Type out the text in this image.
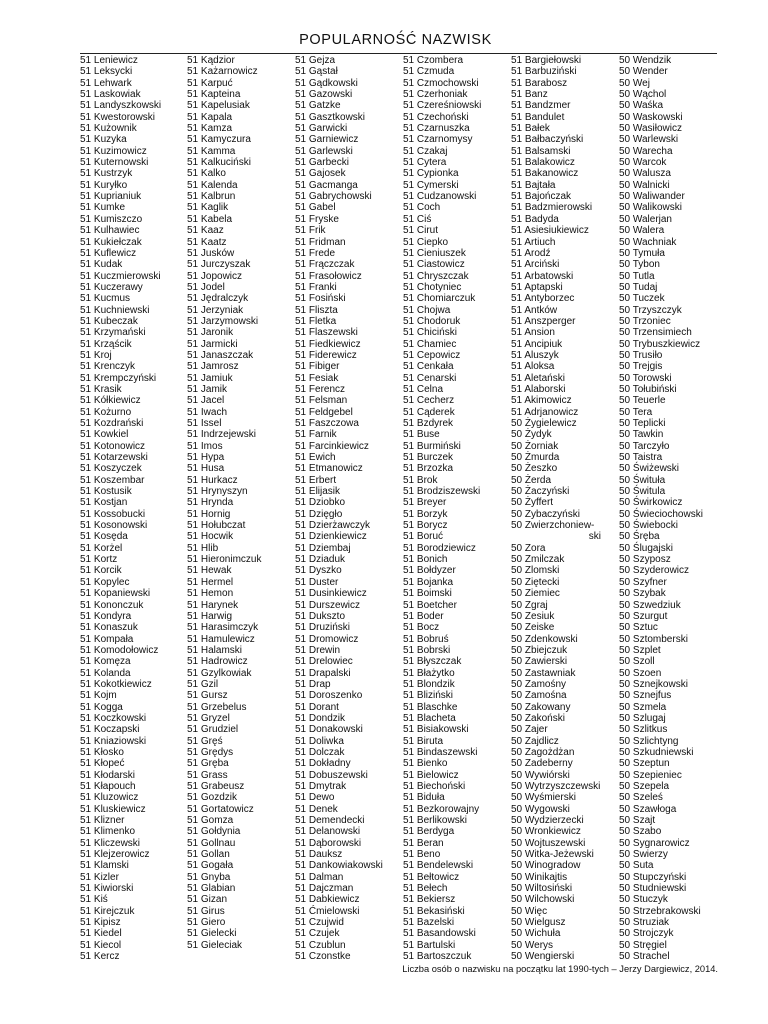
POPULARNOŚĆ NAZWISK
51 Leniewicz
51 Leksycki
51 Lehwark
51 Laskowiak
51 Landyszkowski
51 Kwestorowski
51 Kużownik
51 Kuzyka
51 Kuzimowicz
51 Kuternowski
51 Kustrzyk
51 Kuryłko
51 Kuprianiuk
51 Kumke
51 Kumiszczo
51 Kulhawiec
51 Kukiełczak
51 Kuflewicz
51 Kudak
51 Kuczmierowski
51 Kuczerawy
51 Kucmus
51 Kuchniewski
51 Kubeczak
51 Krzymański
51 Krząścik
51 Kroj
51 Krenczyk
51 Krempczyński
51 Krasik
51 Kółkiewicz
51 Kożurno
51 Kozdrański
51 Kowkiel
51 Kotonowicz
51 Kotarzewski
51 Koszyczek
51 Koszembar
51 Kostusik
51 Kostjan
51 Kossobucki
51 Kosonowski
51 Kosęda
51 Korżel
51 Kortz
51 Korcik
51 Kopylec
51 Kopaniewski
51 Kononczuk
51 Kondyra
51 Konaszuk
51 Kompała
51 Komodołowicz
51 Komęza
51 Kolanda
51 Kokotkiewicz
51 Kojm
51 Kogga
51 Koczkowski
51 Koczapski
51 Kniaziowski
51 Kłosko
51 Kłopeć
51 Kłodarski
51 Kłapouch
51 Kluzowicz
51 Kluskiewicz
51 Klizner
51 Klimenko
51 Kliczewski
51 Klejzerowicz
51 Klamski
51 Kizler
51 Kiwiorski
51 Kiś
51 Kirejczuk
51 Kipisz
51 Kiedel
51 Kiecol
51 Kercz
51 Kądzior
51 Każarnowicz
51 Karpuć
51 Kapteina
51 Kapelusiak
51 Kapala
51 Kamza
51 Kamyczura
51 Kamma
51 Kalkuciński
51 Kalko
51 Kalenda
51 Kalbrun
51 Kaglik
51 Kabela
51 Kaaz
51 Kaatz
51 Jusków
51 Jurczyszak
51 Jopowicz
51 Jodel
51 Jędralczyk
51 Jerzyniak
51 Jarzymowski
51 Jaronik
51 Jarmicki
51 Janaszczak
51 Jamrosz
51 Jamiuk
51 Jamik
51 Jacel
51 Iwach
51 Issel
51 Indrzejewski
51 Imos
51 Hypa
51 Husa
51 Hurkacz
51 Hrynyszyn
51 Hrynda
51 Hornig
51 Hołubczat
51 Hocwik
51 Hlib
51 Hieronimczuk
51 Hewak
51 Hermel
51 Hemon
51 Harynek
51 Harwig
51 Harasimczyk
51 Hamulewicz
51 Halamski
51 Hadrowicz
51 Gzylkowiak
51 Gzil
51 Gursz
51 Grzebelus
51 Gryzel
51 Grudziel
51 Gręś
51 Grędys
51 Gręba
51 Grass
51 Grabeusz
51 Gozdzik
51 Gortatowicz
51 Gomza
51 Gołdynia
51 Gollnau
51 Gollan
51 Gogała
51 Gnyba
51 Glabian
51 Gizan
51 Girus
51 Giero
51 Gielecki
51 Gieleciak
51 Gejza
51 Gąstał
51 Gądkowski
51 Gazowski
51 Gatzke
51 Gasztkowski
51 Garwicki
51 Garniewicz
51 Garlewski
51 Garbecki
51 Gajosek
51 Gacmanga
51 Gabrychowski
51 Gabel
51 Fryske
51 Frik
51 Fridman
51 Frede
51 Frączczak
51 Frasołowicz
51 Franki
51 Fosiński
51 Fliszta
51 Fletka
51 Flaszewski
51 Fiedkiewicz
51 Fiderewicz
51 Fibiger
51 Fesiak
51 Ferencz
51 Felsman
51 Feldgebel
51 Faszczowa
51 Farnik
51 Farcinkiewicz
51 Ewich
51 Etmanowicz
51 Erbert
51 Elijasik
51 Dziobko
51 Dzięgło
51 Dzierżawczyk
51 Dzienkiewicz
51 Dziembaj
51 Dziaduk
51 Dyszko
51 Duster
51 Dusinkiewicz
51 Durszewicz
51 Dukszto
51 Druziński
51 Dromowicz
51 Drewin
51 Drelowiec
51 Drapalski
51 Drap
51 Doroszenko
51 Dorant
51 Dondzik
51 Donakowski
51 Doliwka
51 Dolczak
51 Dokładny
51 Dobuszewski
51 Dmytrak
51 Dewo
51 Denek
51 Demendecki
51 Delanowski
51 Dąborowski
51 Dauksz
51 Dankowiakowski
51 Dalman
51 Dajczman
51 Dabkiewicz
51 Ćmielowski
51 Czujwid
51 Czujek
51 Czublun
51 Czonstke
51 Czombera
51 Czmuda
51 Czmochowski
51 Czerhoniak
51 Czereśniowski
51 Czechoński
51 Czarnuszka
51 Czarnomysy
51 Czakaj
51 Cytera
51 Cypionka
51 Cymerski
51 Cudzanowski
51 Coch
51 Ciś
51 Cirut
51 Ciepko
51 Cieniuszek
51 Ciastowicz
51 Chryszczak
51 Chotyniec
51 Chomiarczuk
51 Chojwa
51 Chodoruk
51 Chiciński
51 Chamiec
51 Cepowicz
51 Cenkała
51 Cenarski
51 Celna
51 Cecherz
51 Cąderek
51 Bzdyrek
51 Buse
51 Burmiński
51 Burczek
51 Brzozka
51 Brok
51 Brodziszewski
51 Breyer
51 Borzyk
51 Borycz
51 Boruć
51 Borodziewicz
51 Bonich
51 Bołdyzer
51 Bojanka
51 Boimski
51 Boetcher
51 Boder
51 Bocz
51 Bobruś
51 Bobrski
51 Błyszczak
51 Błażytko
51 Blondzik
51 Bliziński
51 Blaschke
51 Blacheta
51 Bisiakowski
51 Biruta
51 Bindaszewski
51 Bienko
51 Bielowicz
51 Biechoński
51 Biduła
51 Bezkorowajny
51 Berlikowski
51 Berdyga
51 Beran
51 Beno
51 Bendelewski
51 Bełtowicz
51 Bełech
51 Bekiersz
51 Bekasiński
51 Bazelski
51 Basandowski
51 Bartulski
51 Bartoszczuk
51 Bargiełowski
51 Barbuziński
51 Barabosz
51 Banz
51 Bandzmer
51 Bandulet
51 Bałek
51 Bałbaczyński
51 Balsamski
51 Balakowicz
51 Bakanowicz
51 Bajtała
51 Bajończak
51 Badzmierowski
51 Badyda
51 Asiesiukiewicz
51 Artiuch
51 Arodź
51 Arciński
51 Arbatowski
51 Aptapski
51 Antyborzec
51 Antków
51 Anszperger
51 Ansion
51 Ancipiuk
51 Aluszyk
51 Aloksa
51 Aletański
51 Alaborski
51 Akimowicz
51 Adrjanowicz
50 Żygielewicz
50 Żydyk
50 Żorniak
50 Żmurda
50 Żeszko
50 Żerda
50 Żaczyński
50 Żyffert
50 Zybaczyński
50 Zwierzchoniew-
ski
50 Zora
50 Zmilczak
50 Zlomski
50 Ziętecki
50 Ziemiec
50 Zgraj
50 Zesiuk
50 Zeiske
50 Zdenkowski
50 Zbiejczuk
50 Zawierski
50 Zastawniak
50 Zamośny
50 Zamośna
50 Zakowany
50 Zakoński
50 Zajer
50 Zajdlicz
50 Zagożdżan
50 Zadeberny
50 Wywiórski
50 Wytrzyszczewski
50 Wyśmierski
50 Wygowski
50 Wydzierzecki
50 Wronkiewicz
50 Wojtuszewski
50 Witka-Jeżewski
50 Winogradow
50 Winikajtis
50 Wiltosiński
50 Wilchowski
50 Więc
50 Wielgusz
50 Wichuła
50 Werys
50 Wengierski
50 Wendzik
50 Wender
50 Wej
50 Wąchol
50 Waśka
50 Waskowski
50 Wasiłowicz
50 Warlewski
50 Warecha
50 Warcok
50 Walusza
50 Walnicki
50 Waliwander
50 Walikowski
50 Walerjan
50 Walera
50 Wachniak
50 Tymuła
50 Tybon
50 Tutla
50 Tudaj
50 Tuczek
50 Trzyszczyk
50 Trzoniec
50 Trzensimiech
50 Trybuszkiewicz
50 Trusiło
50 Trejgis
50 Torowski
50 Tołubiński
50 Teuerle
50 Tera
50 Teplicki
50 Tawkin
50 Tarczyło
50 Taistra
50 Świżewski
50 Śwituła
50 Świtula
50 Świrkowicz
50 Świeciochowski
50 Świebocki
50 Śręba
50 Ślugajski
50 Szyposz
50 Szyderowicz
50 Szyfner
50 Szybak
50 Szwedziuk
50 Szurgut
50 Sztuc
50 Sztomberski
50 Szplet
50 Szoll
50 Szoen
50 Sznejkowski
50 Sznejfus
50 Szmela
50 Szlugaj
50 Szlitkus
50 Szlichtyng
50 Szkudniewski
50 Szeptun
50 Szepieniec
50 Szepela
50 Szeleś
50 Szawłoga
50 Szajt
50 Szabo
50 Sygnarowicz
50 Swierzy
50 Suta
50 Stupczyński
50 Studniewski
50 Stuczyk
50 Strzebrakowski
50 Struziak
50 Strojczyk
50 Stręgiel
50 Strachel
Liczba osób o nazwisku na początku lat 1990-tych – Jerzy Dargiewicz, 2014.
